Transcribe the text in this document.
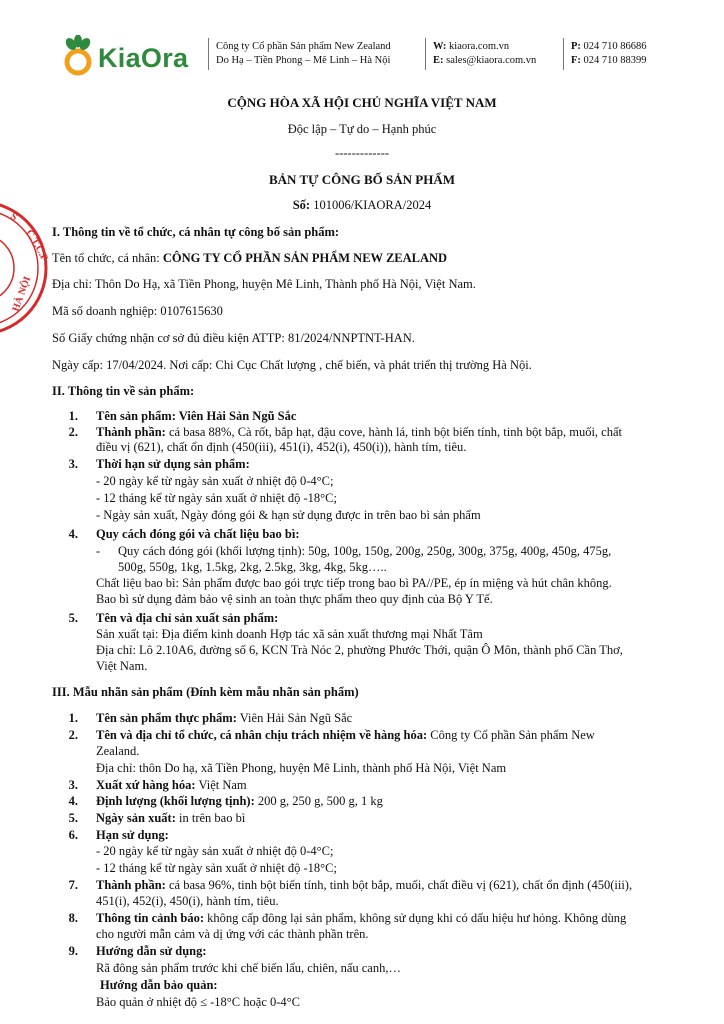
KiaOra	Công ty Cổ phần Sản phẩm New Zealand
Do Hạ – Tiền Phong – Mê Linh – Hà Nội
W: kiaora.com.vn
E: sales@kiaora.com.vn
P: 024 710 86686
F: 024 710 88399
C.T.C.P
HÀ NỘI
S
CỘNG HÒA XÃ HỘI CHỦ NGHĨA VIỆT NAM
Độc lập – Tự do – Hạnh phúc
-------------
BẢN TỰ CÔNG BỐ SẢN PHẨM
Số: 101006/KIAORA/2024
I. Thông tin về tổ chức, cá nhân tự công bố sản phẩm:
Tên tổ chức, cá nhân: CÔNG TY CỔ PHẦN SẢN PHẨM NEW ZEALAND
Địa chỉ: Thôn Do Hạ, xã Tiền Phong, huyện Mê Linh, Thành phố Hà Nội, Việt Nam.
Mã số doanh nghiệp: 0107615630
Số Giấy chứng nhận cơ sở đủ điều kiện ATTP: 81/2024/NNPTNT-HAN.
Ngày cấp: 17/04/2024. Nơi cấp: Chi Cục Chất lượng , chế biến, và phát triển thị trường Hà Nội.
II. Thông tin về sản phẩm:
1. Tên sản phẩm: Viên Hải Sản Ngũ Sắc
2. Thành phần: cá basa 88%, Cà rốt, bắp hạt, đậu cove, hành lá, tinh bột biến tính, tinh bột bắp, muối, chất
điều vị (621), chất ổn định (450(iii), 451(i), 452(i), 450(i)), hành tím, tiêu.
3. Thời hạn sử dụng sản phẩm:
- 20 ngày kể từ ngày sản xuất ở nhiệt độ 0-4°C;
- 12 tháng kể từ ngày sản xuất ở nhiệt độ -18°C;
- Ngày sản xuất, Ngày đóng gói & hạn sử dụng được in trên bao bì sản phẩm
4. Quy cách đóng gói và chất liệu bao bì:
- Quy cách đóng gói (khối lượng tịnh): 50g, 100g, 150g, 200g, 250g, 300g, 375g, 400g, 450g, 475g,
500g, 550g, 1kg, 1.5kg, 2kg, 2.5kg, 3kg, 4kg, 5kg…..
Chất liệu bao bì: Sản phẩm được bao gói trực tiếp trong bao bì PA//PE, ép ín miệng và hút chân không.
Bao bì sử dụng đảm bảo vệ sinh an toàn thực phẩm theo quy định của Bộ Y Tế.
5. Tên và địa chỉ sản xuất sản phẩm:
Sản xuất tại: Địa điểm kinh doanh Hợp tác xã sản xuất thương mại Nhất Tâm
Địa chỉ: Lô 2.10A6, đường số 6, KCN Trà Nóc 2, phường Phước Thới, quận Ô Môn, thành phố Cần Thơ,
Việt Nam.
III. Mẫu nhãn sản phẩm (Đính kèm mẫu nhãn sản phẩm)
1. Tên sản phẩm thực phẩm: Viên Hải Sản Ngũ Sắc
2. Tên và địa chỉ tổ chức, cá nhân chịu trách nhiệm về hàng hóa: Công ty Cổ phần Sản phẩm New
Zealand.
Địa chỉ: thôn Do hạ, xã Tiền Phong, huyện Mê Linh, thành phố Hà Nội, Việt Nam
3. Xuất xứ hàng hóa: Việt Nam
4. Định lượng (khối lượng tịnh): 200 g, 250 g, 500 g, 1 kg
5. Ngày sản xuất: in trên bao bì
6. Hạn sử dụng:
- 20 ngày kể từ ngày sản xuất ở nhiệt độ 0-4°C;
- 12 tháng kể từ ngày sản xuất ở nhiệt độ -18°C;
7. Thành phần: cá basa 96%, tinh bột biến tính, tinh bột bắp, muối, chất điều vị (621), chất ổn định (450(iii),
451(i), 452(i), 450(i), hành tím, tiêu.
8. Thông tin cảnh báo: không cấp đông lại sản phẩm, không sử dụng khi có dấu hiệu hư hỏng. Không dùng
cho người mẫn cảm và dị ứng với các thành phần trên.
9. Hướng dẫn sử dụng:
Rã đông sản phẩm trước khi chế biến lẩu, chiên, nấu canh,…
Hướng dẫn bảo quản:
Bảo quản ở nhiệt độ ≤ -18°C hoặc 0-4°C
